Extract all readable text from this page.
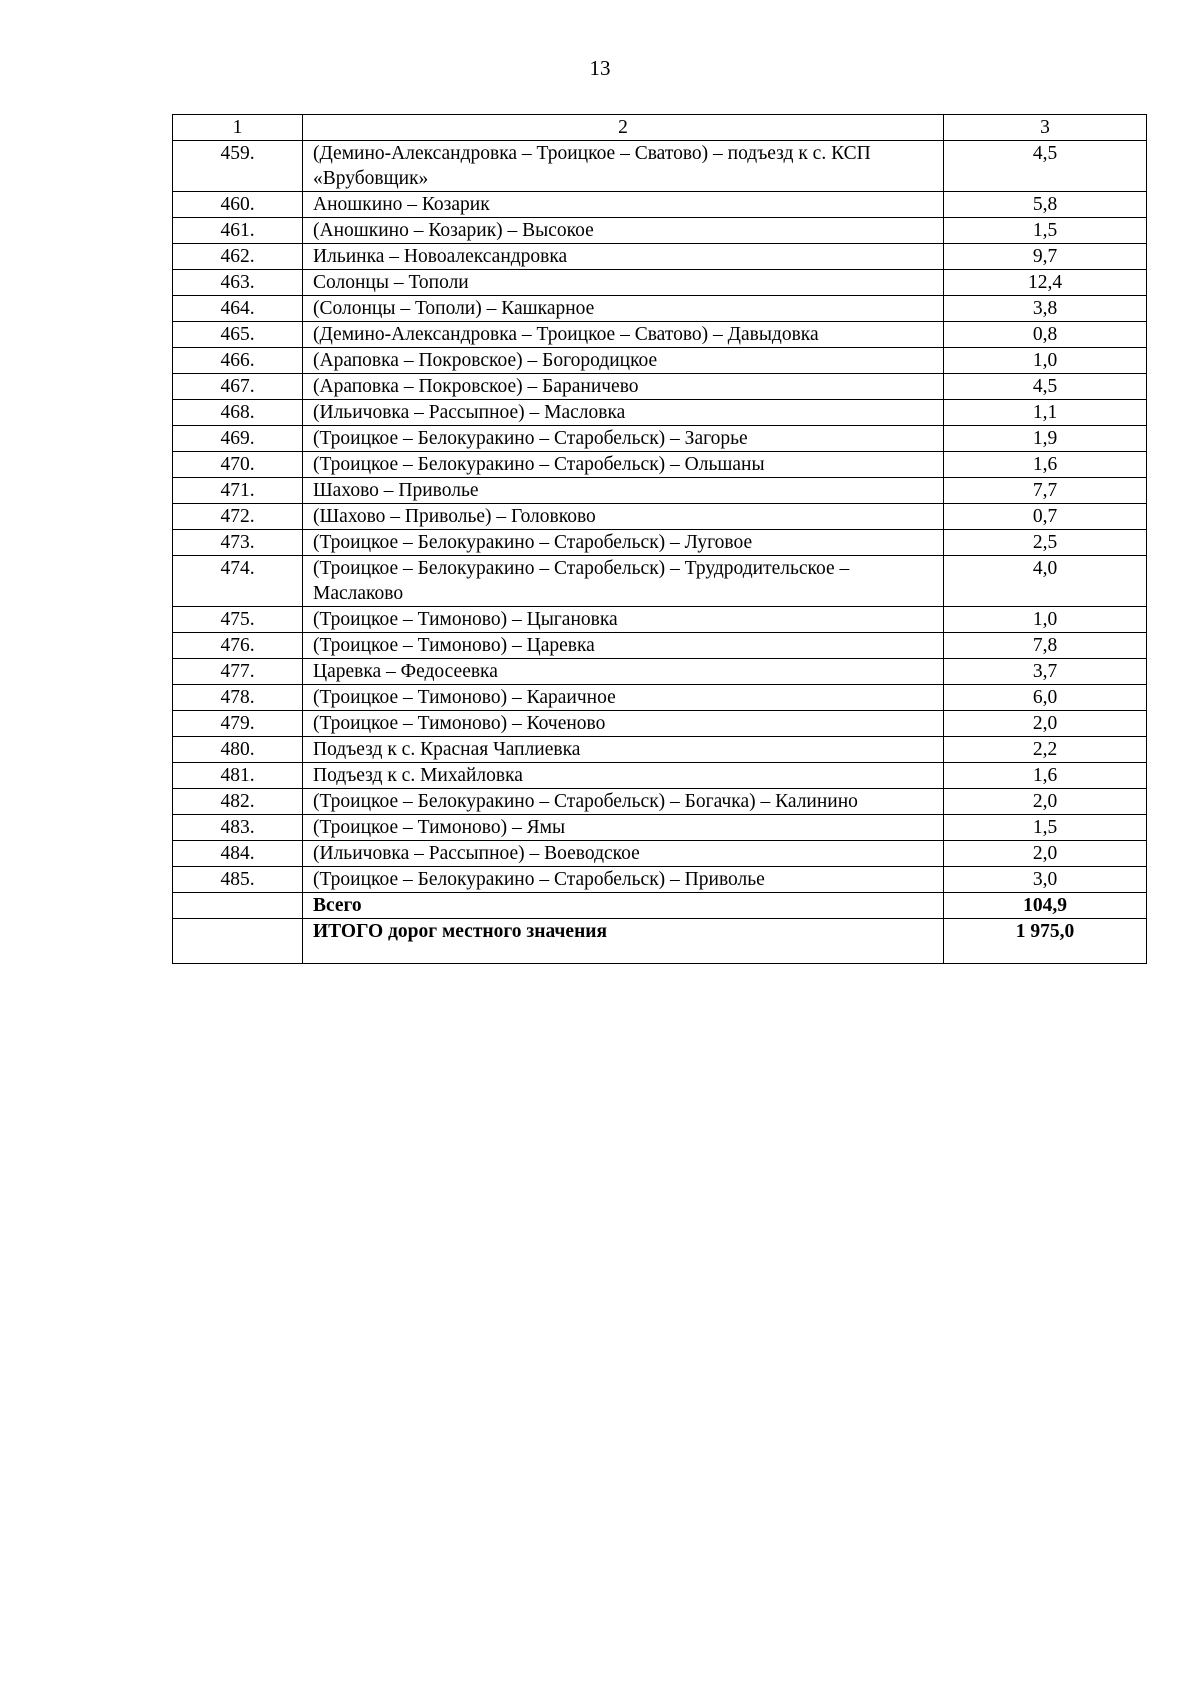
13
1	2	3
459.	(Демино-Александровка – Троицкое – Сватово) – подъезд к с. КСП «Врубовщик»	4,5
460.	Аношкино – Козарик	5,8
461.	(Аношкино – Козарик) – Высокое	1,5
462.	Ильинка – Новоалександровка	9,7
463.	Солонцы – Тополи	12,4
464.	(Солонцы – Тополи) – Кашкарное	3,8
465.	(Демино-Александровка – Троицкое – Сватово) – Давыдовка	0,8
466.	(Араповка – Покровское) – Богородицкое	1,0
467.	(Араповка – Покровское) – Бараничево	4,5
468.	(Ильичовка – Рассыпное) – Масловка	1,1
469.	(Троицкое – Белокуракино – Старобельск) – Загорье	1,9
470.	(Троицкое – Белокуракино – Старобельск) – Ольшаны	1,6
471.	Шахово – Приволье	7,7
472.	(Шахово – Приволье) – Головково	0,7
473.	(Троицкое – Белокуракино – Старобельск) – Луговое	2,5
474.	(Троицкое – Белокуракино – Старобельск) – Трудродительское – Маслаково	4,0
475.	(Троицкое – Тимоново) – Цыгановка	1,0
476.	(Троицкое – Тимоново) – Царевка	7,8
477.	Царевка – Федосеевка	3,7
478.	(Троицкое – Тимоново) – Караичное	6,0
479.	(Троицкое – Тимоново) – Коченово	2,0
480.	Подъезд к с. Красная Чаплиевка	2,2
481.	Подъезд к с. Михайловка	1,6
482.	(Троицкое – Белокуракино – Старобельск) – Богачка) – Калинино	2,0
483.	(Троицкое – Тимоново) – Ямы	1,5
484.	(Ильичовка – Рассыпное) – Воеводское	2,0
485.	(Троицкое – Белокуракино – Старобельск) – Приволье	3,0
	Всего	104,9
	ИТОГО дорог местного значения	1 975,0
